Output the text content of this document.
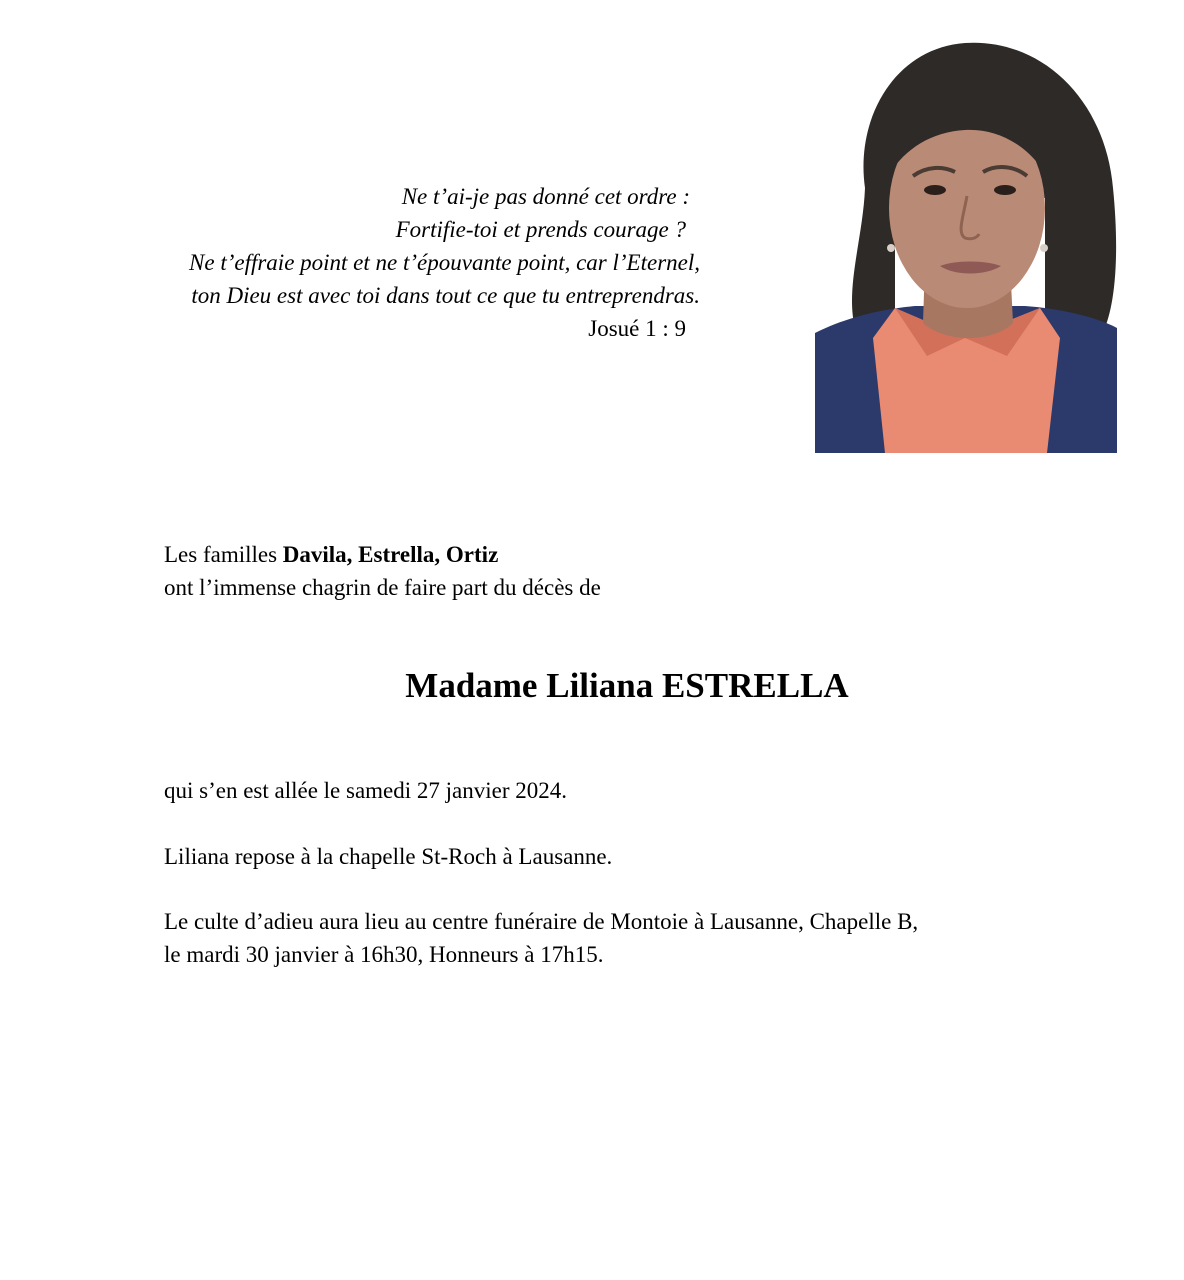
Ne t’ai-je pas donné cet ordre :
Fortifie-toi et prends courage ?
Ne t’effraie point et ne t’épouvante point, car l’Eternel,
ton Dieu est avec toi dans tout ce que tu entreprendras.
Josué 1 : 9
Les familles Davila, Estrella, Ortiz
ont l’immense chagrin de faire part du décès de
Madame Liliana ESTRELLA
qui s’en est allée le samedi 27 janvier 2024.
Liliana repose à la chapelle St-Roch à Lausanne.
Le culte d’adieu aura lieu au centre funéraire de Montoie à Lausanne, Chapelle B,
le mardi 30 janvier à 16h30, Honneurs à 17h15.
